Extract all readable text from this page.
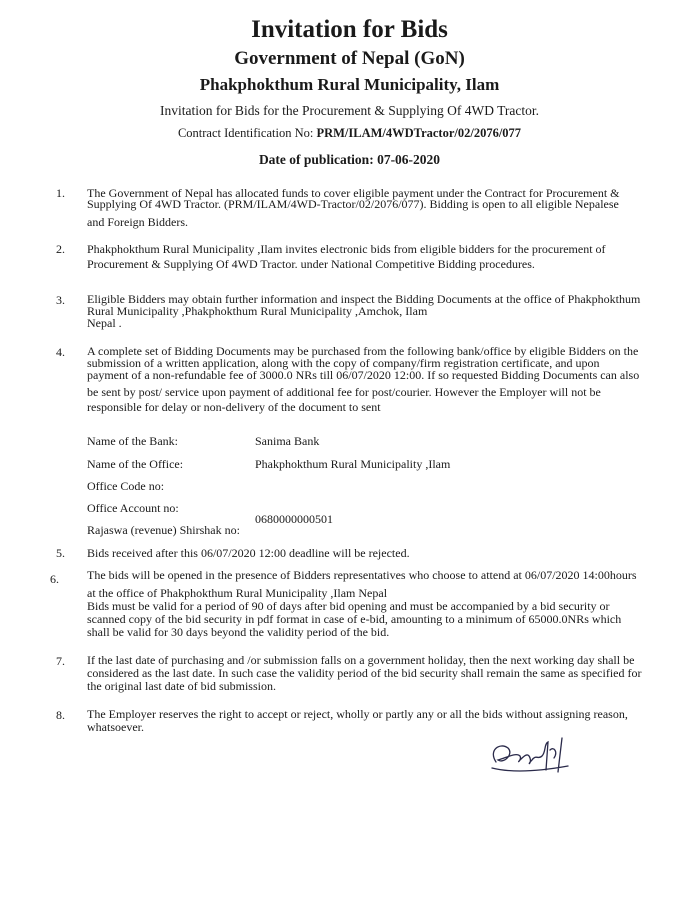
Invitation for Bids
Government of Nepal (GoN)
Phakphokthum Rural Municipality, Ilam
Invitation for Bids for the Procurement & Supplying Of 4WD Tractor.
Contract Identification No: PRM/ILAM/4WDTractor/02/2076/077
Date of publication: 07-06-2020
1. The Government of Nepal has allocated funds to cover eligible payment under the Contract for Procurement &
Supplying Of 4WD Tractor. (PRM/ILAM/4WD-Tractor/02/2076/077). Bidding is open to all eligible Nepalese
and Foreign Bidders.
2. Phakphokthum Rural Municipality ,Ilam invites electronic bids from eligible bidders for the procurement of
Procurement & Supplying Of 4WD Tractor. under National Competitive Bidding procedures.
3. Eligible Bidders may obtain further information and inspect the Bidding Documents at the office of Phakphokthum
Rural Municipality ,Phakphokthum Rural Municipality ,Amchok, Ilam
Nepal .
4. A complete set of Bidding Documents may be purchased from the following bank/office by eligible Bidders on the
submission of a written application, along with the copy of company/firm registration certificate, and upon
payment of a non-refundable fee of 3000.0 NRs till 06/07/2020 12:00. If so requested Bidding Documents can also
be sent by post/ service upon payment of additional fee for post/courier. However the Employer will not be
responsible for delay or non-delivery of the document to sent
Name of the Bank:	Sanima Bank
Name of the Office:	Phakphokthum Rural Municipality ,Ilam
Office Code no:
Office Account no:
0680000000501
Rajaswa (revenue) Shirshak no:
5. Bids received after this 06/07/2020 12:00 deadline will be rejected.
6. The bids will be opened in the presence of Bidders representatives who choose to attend at 06/07/2020 14:00hours
at the office of Phakphokthum Rural Municipality ,Ilam Nepal
Bids must be valid for a period of 90 of days after bid opening and must be accompanied by a bid security or
scanned copy of the bid security in pdf format in case of e-bid, amounting to a minimum of 65000.0NRs which
shall be valid for 30 days beyond the validity period of the bid.
7. If the last date of purchasing and /or submission falls on a government holiday, then the next working day shall be
considered as the last date. In such case the validity period of the bid security shall remain the same as specified for
the original last date of bid submission.
8. The Employer reserves the right to accept or reject, wholly or partly any or all the bids without assigning reason,
whatsoever.
